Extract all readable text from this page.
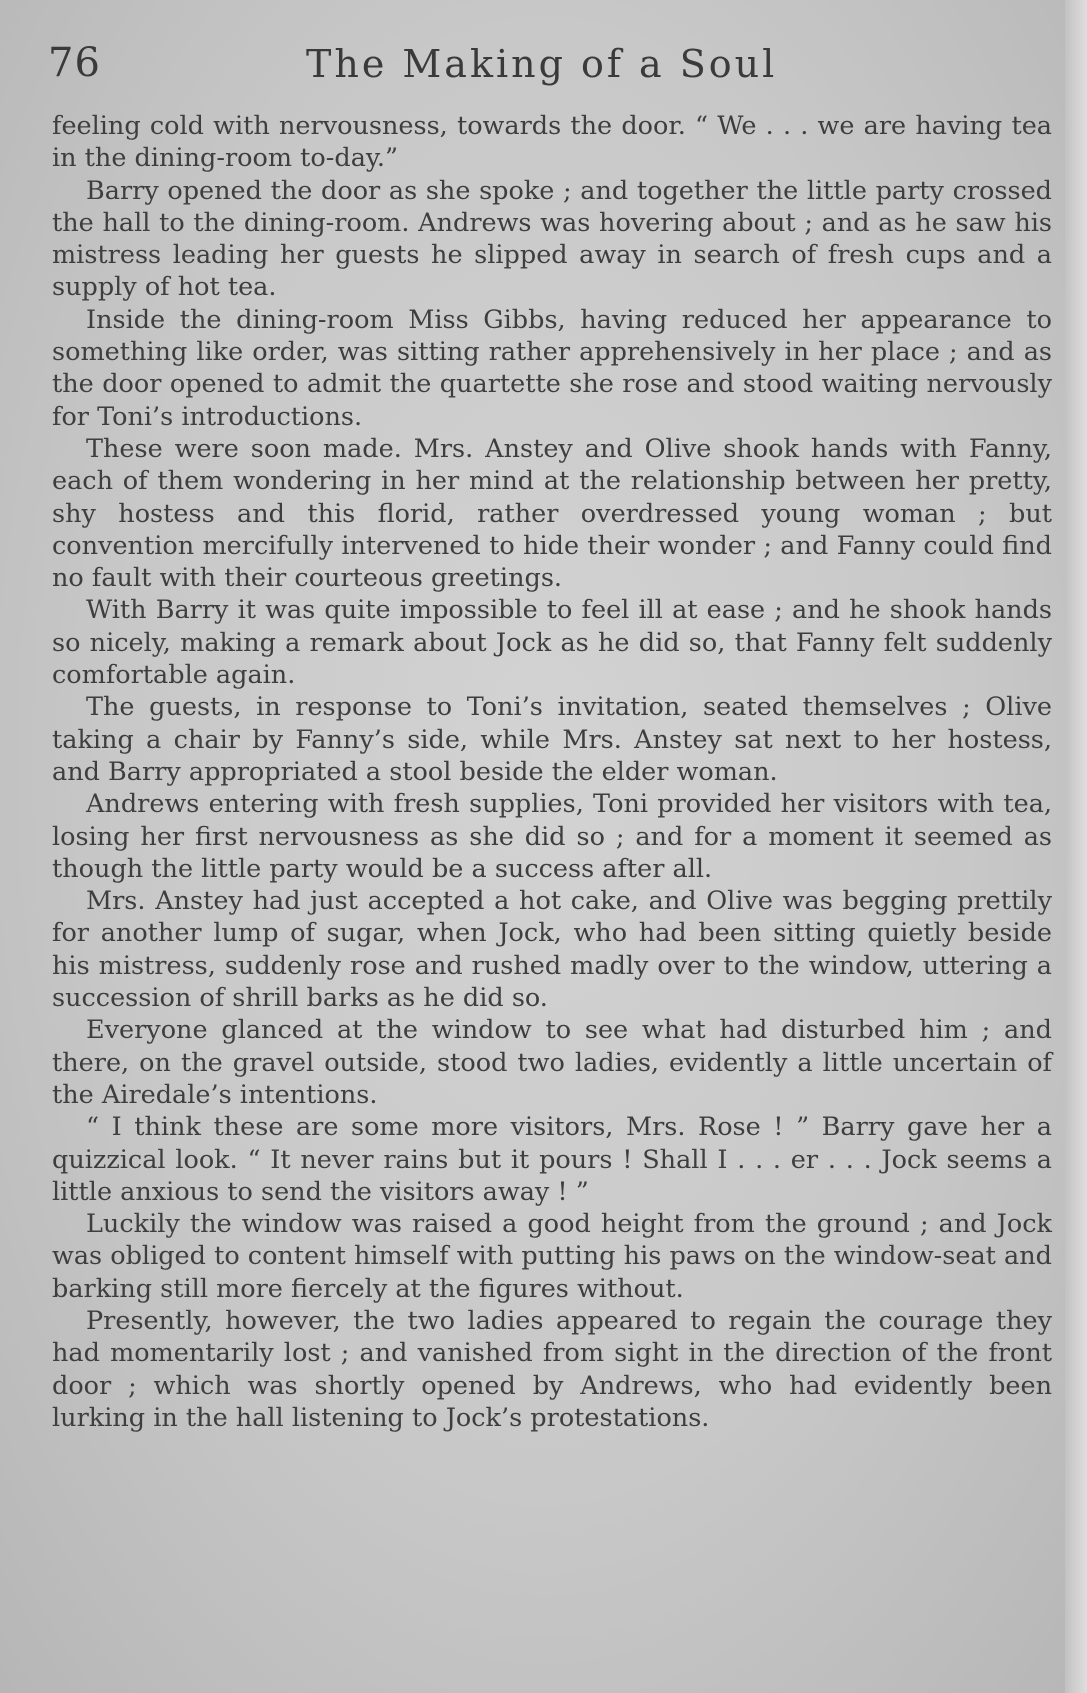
76	The Making of a Soul

feeling cold with nervousness, towards the door. “ We . . . we are having tea in the dining-room to-day.”

Barry opened the door as she spoke ; and together the little party crossed the hall to the dining-room. Andrews was hovering about ; and as he saw his mistress leading her guests he slipped away in search of fresh cups and a supply of hot tea.

Inside the dining-room Miss Gibbs, having reduced her appearance to something like order, was sitting rather apprehensively in her place ; and as the door opened to admit the quartette she rose and stood waiting nervously for Toni’s introductions.

These were soon made. Mrs. Anstey and Olive shook hands with Fanny, each of them wondering in her mind at the relationship between her pretty, shy hostess and this florid, rather overdressed young woman ; but convention mercifully intervened to hide their wonder ; and Fanny could find no fault with their courteous greetings.

With Barry it was quite impossible to feel ill at ease ; and he shook hands so nicely, making a remark about Jock as he did so, that Fanny felt suddenly comfortable again.

The guests, in response to Toni’s invitation, seated themselves ; Olive taking a chair by Fanny’s side, while Mrs. Anstey sat next to her hostess, and Barry appropriated a stool beside the elder woman.

Andrews entering with fresh supplies, Toni provided her visitors with tea, losing her first nervousness as she did so ; and for a moment it seemed as though the little party would be a success after all.

Mrs. Anstey had just accepted a hot cake, and Olive was begging prettily for another lump of sugar, when Jock, who had been sitting quietly beside his mistress, suddenly rose and rushed madly over to the window, uttering a succession of shrill barks as he did so.

Everyone glanced at the window to see what had disturbed him ; and there, on the gravel outside, stood two ladies, evidently a little uncertain of the Airedale’s intentions.

“ I think these are some more visitors, Mrs. Rose ! ” Barry gave her a quizzical look. “ It never rains but it pours ! Shall I . . . er . . . Jock seems a little anxious to send the visitors away ! ”

Luckily the window was raised a good height from the ground ; and Jock was obliged to content himself with putting his paws on the window-seat and barking still more fiercely at the figures without.

Presently, however, the two ladies appeared to regain the courage they had momentarily lost ; and vanished from sight in the direction of the front door ; which was shortly opened by Andrews, who had evidently been lurking in the hall listening to Jock’s protestations.
